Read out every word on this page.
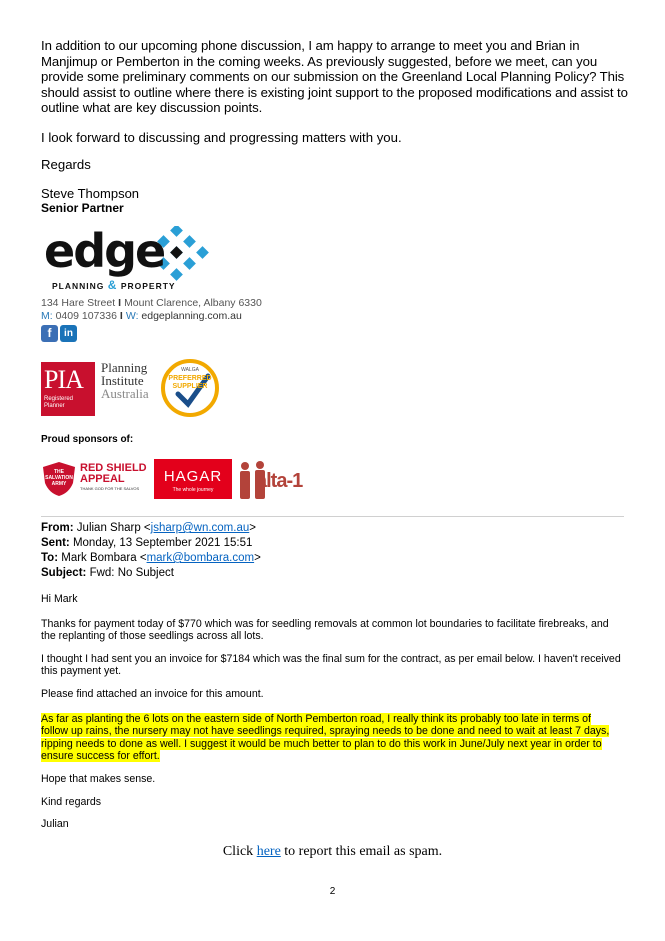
In addition to our upcoming phone discussion, I am happy to arrange to meet you and Brian in Manjimup or Pemberton in the coming weeks. As previously suggested, before we meet, can you provide some preliminary comments on our submission on the Greenland Local Planning Policy? This should assist to outline where there is existing joint support to the proposed modifications and assist to outline what are key discussion points.

I look forward to discussing and progressing matters with you.

Regards

Steve Thompson

Senior Partner

edge
PLANNING & PROPERTY
134 Hare Street I Mount Clarence, Albany 6330
M: 0409 107336 I W: edgeplanning.com.au
f	in
PIA
Registered Planner
Planning
Institute
Australia
WALGA
PREFERRED
SUPPLIER

Proud sponsors of:

THE
SALVATION
ARMY
RED SHIELD
APPEAL
THANK GOD FOR THE SALVOS
HAGAR
The whole journey	alta-1
From: Julian Sharp <jsharp@wn.com.au>
Sent: Monday, 13 September 2021 15:51
To: Mark Bombara <mark@bombara.com>
Subject: Fwd: No Subject

Hi Mark

Thanks for payment today of $770 which was for seedling removals at common lot boundaries to facilitate firebreaks, and the replanting of those seedlings across all lots.

I thought I had sent you an invoice for $7184 which was the final sum for the contract, as per email below. I haven't received this payment yet.

Please find attached an invoice for this amount.

As far as planting the 6 lots on the eastern side of North Pemberton road, I really think its probably too late in terms of follow up rains, the nursery may not have seedlings required, spraying needs to be done and need to wait at least 7 days, ripping needs to done as well. I suggest it would be much better to plan to do this work in June/July next year in order to ensure success for effort.

Hope that makes sense.

Kind regards

Julian

Click here to report this email as spam.
2
